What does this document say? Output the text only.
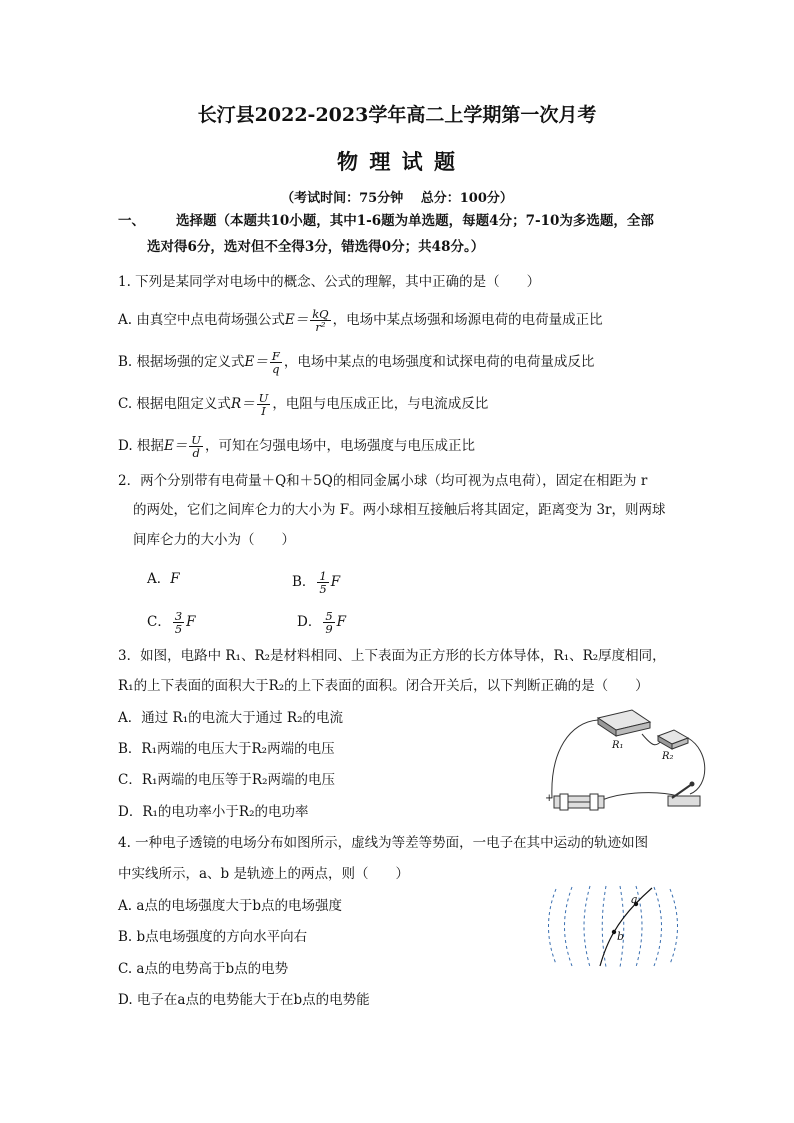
长汀县2022-2023学年高二上学期第一次月考
物 理 试 题
（考试时间：75分钟　 总分：100分）
一、 选择题（本题共10小题，其中1-6题为单选题，每题4分；7-10为多选题，全部
选对得6分，选对但不全得3分，错选得0分；共48分。）
1. 下列是某同学对电场中的概念、公式的理解，其中正确的是（　　）
A. 由真空中点电荷场强公式$E= \frac{kQ}{\text{r²}}$ ，电场中某点场强和场源电荷的电荷量成正比
B. 根据场强的定义式$E= \frac{F}{q}$ ，电场中某点的电场强度和试探电荷的电荷量成反比
C. 根据电阻定义式$R= \frac{U}{I}$ ，电阻与电压成正比，与电流成反比
D. 根据$E= \frac{U}{d}$ ，可知在匀强电场中，电场强度与电压成正比
2．两个分别带有电荷量＋Q和＋5Q的相同金属小球（均可视为点电荷），固定在相距为 r
的两处，它们之间库仑力的大小为 F。两小球相互接触后将其固定，距离变为 3r，则两球
间库仑力的大小为（　　）
A．F	B． $\frac{1}{5}$ F
C． $\frac{3}{5}$ F	D． $\frac{5}{9}$ F
3．如图，电路中 R₁、R₂是材料相同、上下表面为正方形的长方体导体，R₁、R₂厚度相同，
R₁的上下表面的面积大于R₂的上下表面的面积。闭合开关后，以下判断正确的是（　　）
A．通过 R₁的电流大于通过 R₂的电流
B．R₁两端的电压大于R₂两端的电压
C．R₁两端的电压等于R₂两端的电压
D．R₁的电功率小于R₂的电功率
R₁
R₂
+
4. 一种电子透镜的电场分布如图所示，虚线为等差等势面，一电子在其中运动的轨迹如图
中实线所示，a、b 是轨迹上的两点，则（　　）
A. a点的电场强度大于b点的电场强度
B. b点电场强度的方向水平向右
C. a点的电势高于b点的电势
D. 电子在a点的电势能大于在b点的电势能
a
b
